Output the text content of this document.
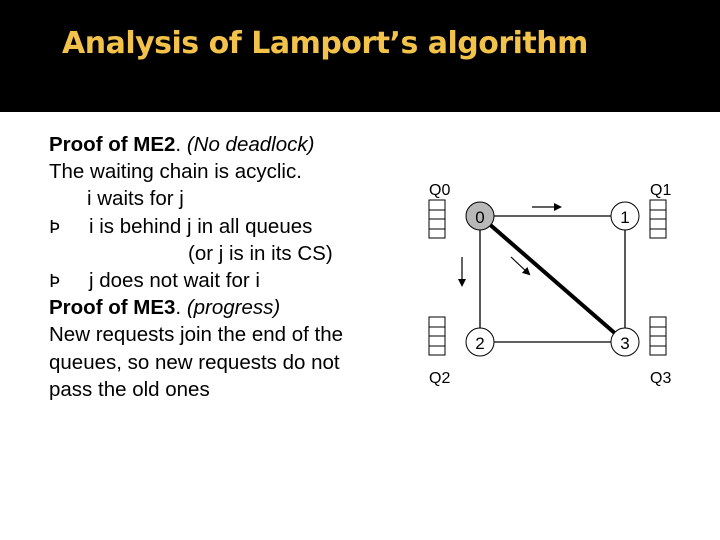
Analysis of Lamport’s algorithm
Proof of ME2. (No deadlock)
The waiting chain is acyclic.
i waits for j
Þ i is behind j in all queues
(or j is in its CS)
Þ j does not wait for i
Proof of ME3. (progress)
New requests join the end of the
queues, so new requests do not
pass the old ones
0	1
2	3
Q0	Q1
Q2	Q3
